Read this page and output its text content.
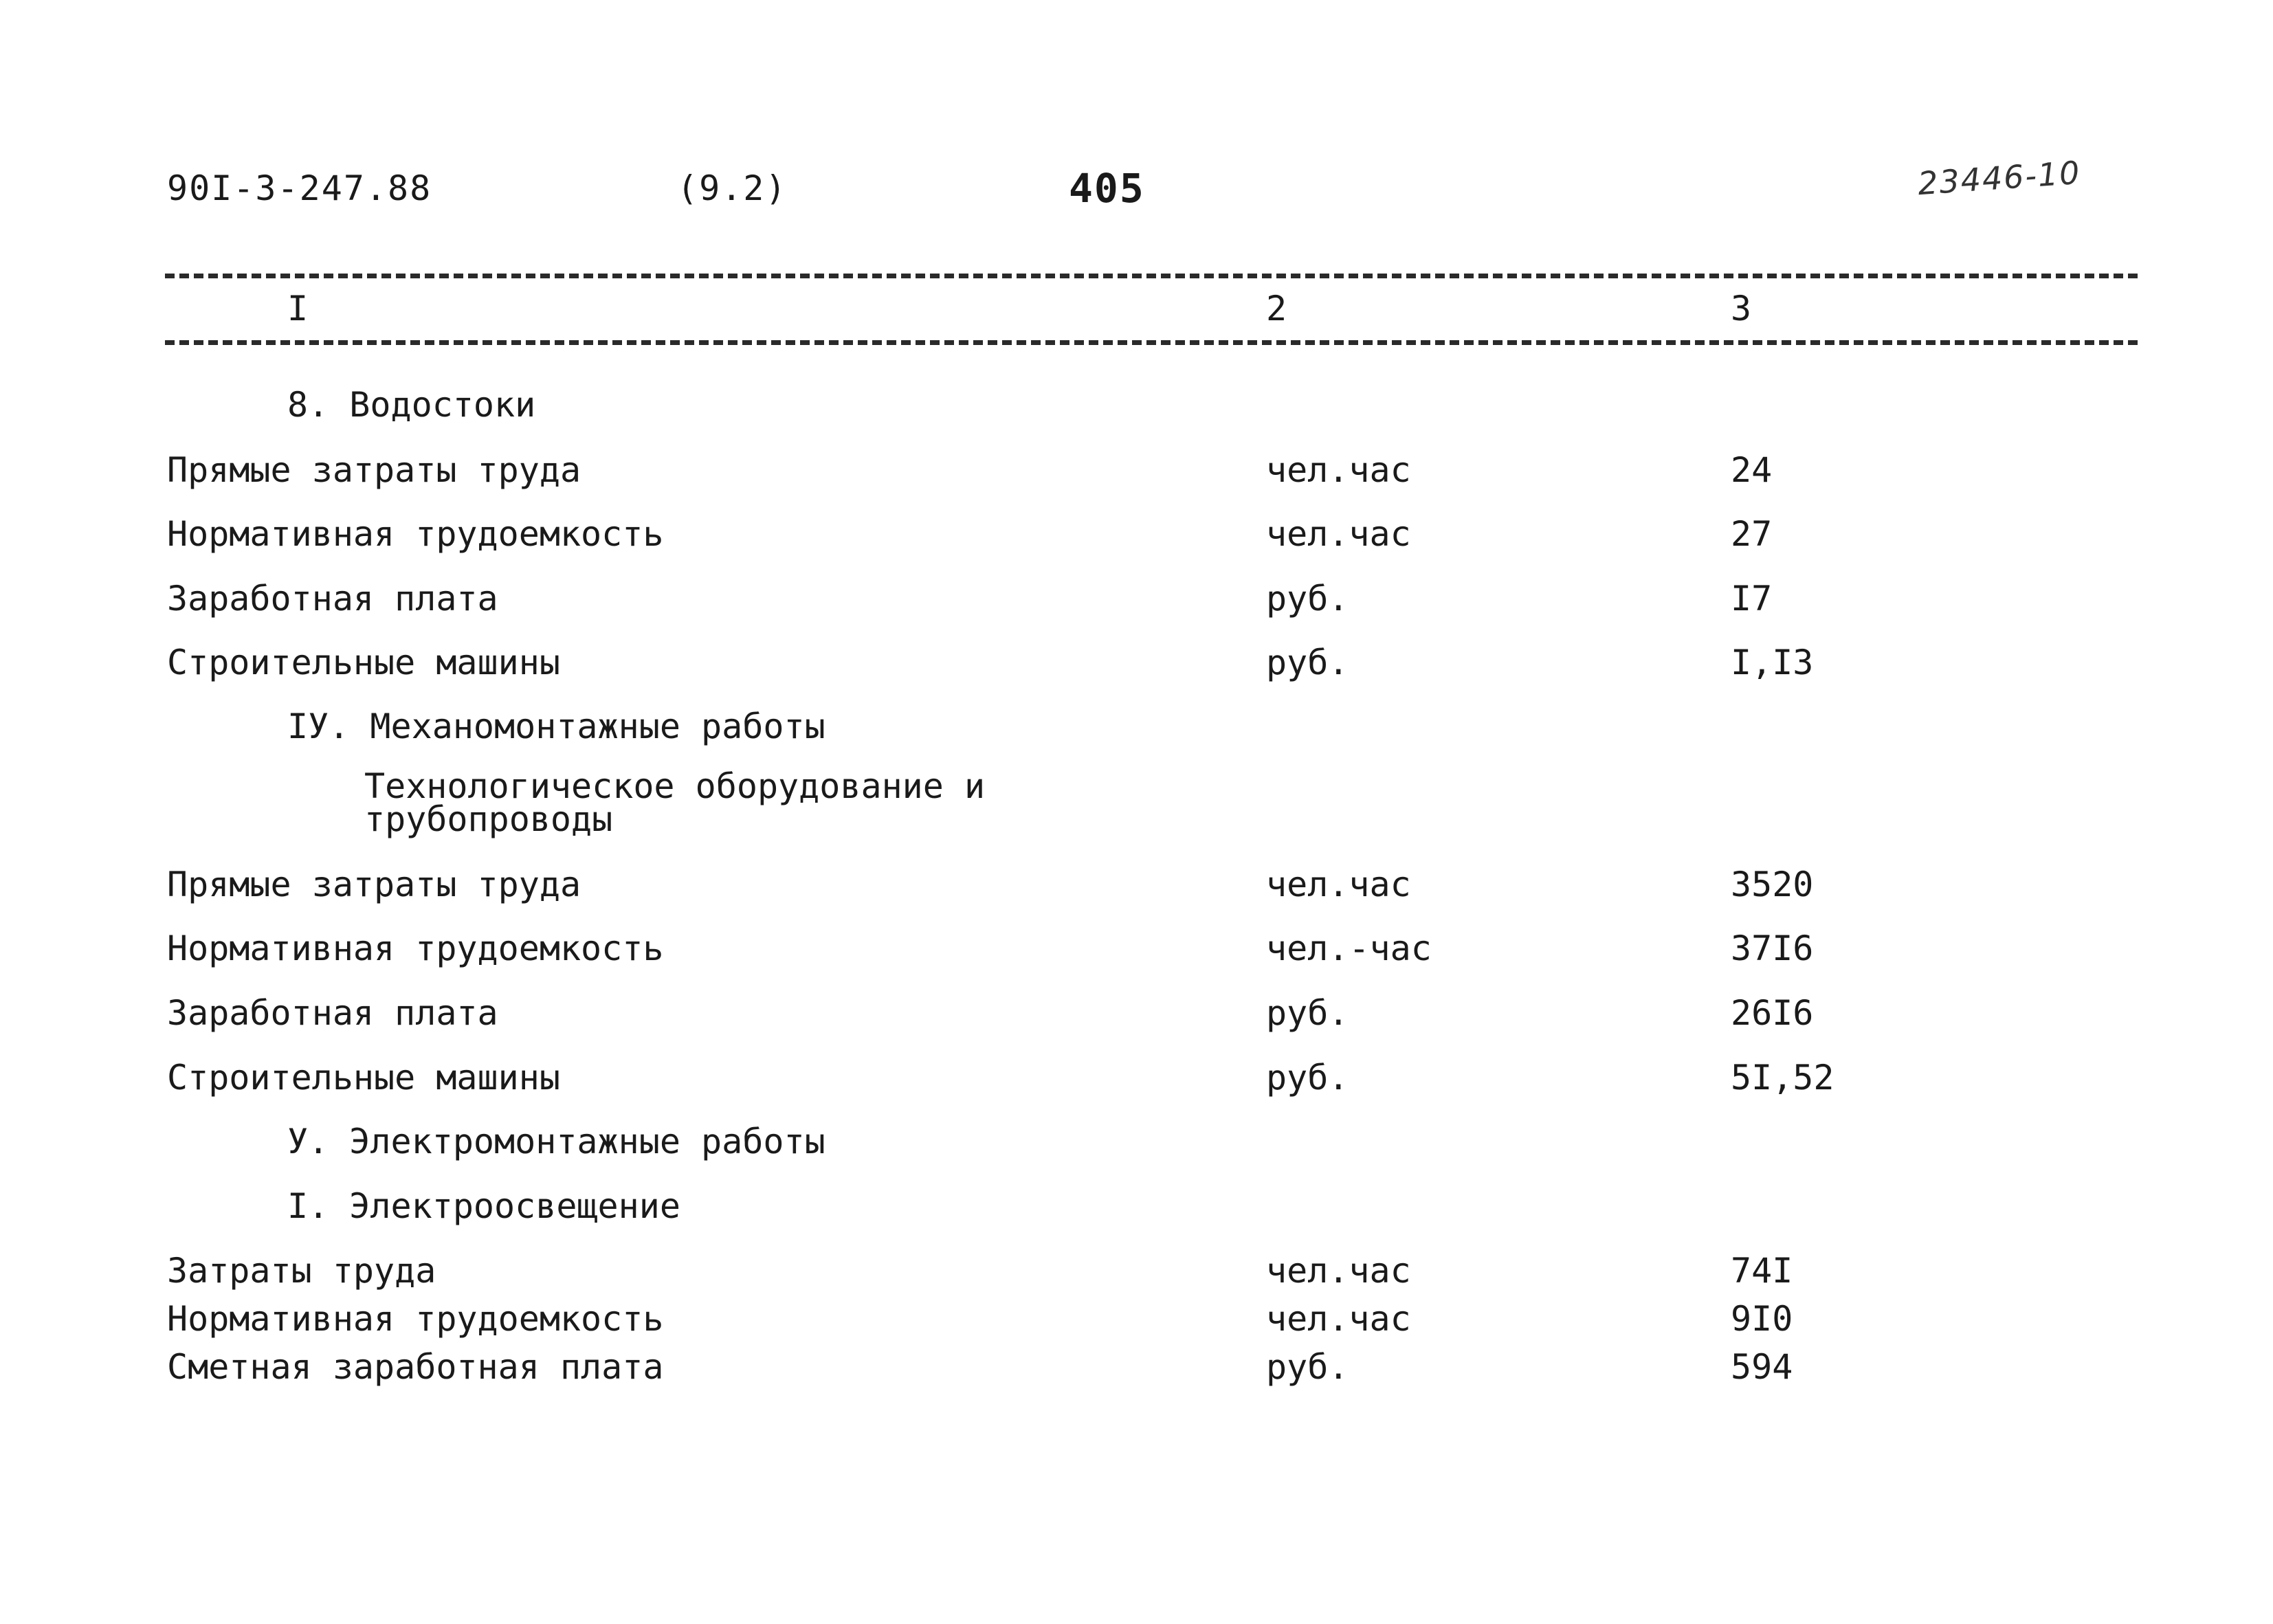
90I-3-247.88	(9.2)	405	23446-10
I	2	3
8. Водостоки
Прямые затраты труда	чел.час	24
Нормативная трудоемкость	чел.час	27
Заработная плата	руб.	I7
Строительные машины	руб.	I,I3
IУ. Механомонтажные работы
Технологическое оборудование и трубопроводы
Прямые затраты труда	чел.час	3520
Нормативная трудоемкость	чел.-час	37I6
Заработная плата	руб.	26I6
Строительные машины	руб.	5I,52
У. Электромонтажные работы
I. Электроосвещение
Затраты труда	чел.час	74I
Нормативная трудоемкость	чел.час	9I0
Сметная заработная плата	руб.	594
